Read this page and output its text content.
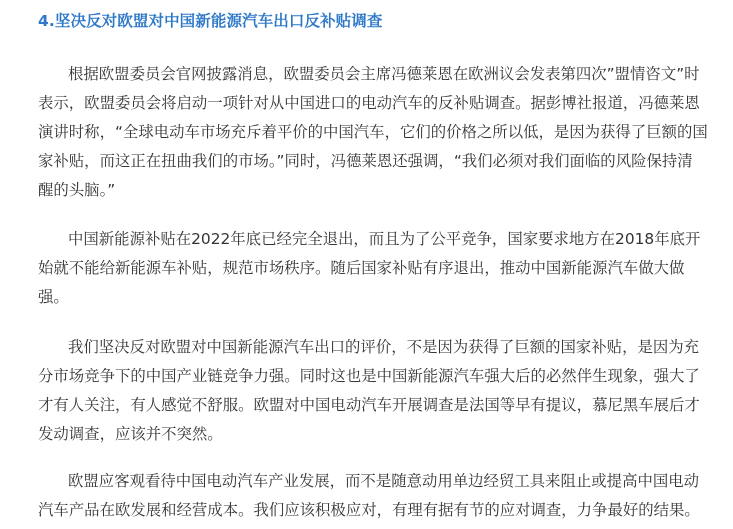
4.坚决反对欧盟对中国新能源汽车出口反补贴调查
根据欧盟委员会官网披露消息，欧盟委员会主席冯德莱恩在欧洲议会发表第四次”盟情咨文”时
表示，欧盟委员会将启动一项针对从中国进口的电动汽车的反补贴调查。据彭博社报道，冯德莱恩
演讲时称，“全球电动车市场充斥着平价的中国汽车，它们的价格之所以低，是因为获得了巨额的国
家补贴，而这正在扭曲我们的市场。”同时，冯德莱恩还强调，“我们必须对我们面临的风险保持清
醒的头脑。”
中国新能源补贴在2022年底已经完全退出，而且为了公平竞争，国家要求地方在2018年底开
始就不能给新能源车补贴，规范市场秩序。随后国家补贴有序退出，推动中国新能源汽车做大做
强。
我们坚决反对欧盟对中国新能源汽车出口的评价，不是因为获得了巨额的国家补贴，是因为充
分市场竞争下的中国产业链竞争力强。同时这也是中国新能源汽车强大后的必然伴生现象，强大了
才有人关注，有人感觉不舒服。欧盟对中国电动汽车开展调查是法国等早有提议，慕尼黑车展后才
发动调查，应该并不突然。
欧盟应客观看待中国电动汽车产业发展，而不是随意动用单边经贸工具来阻止或提高中国电动
汽车产品在欧发展和经营成本。我们应该积极应对，有理有据有节的应对调查，力争最好的结果。
